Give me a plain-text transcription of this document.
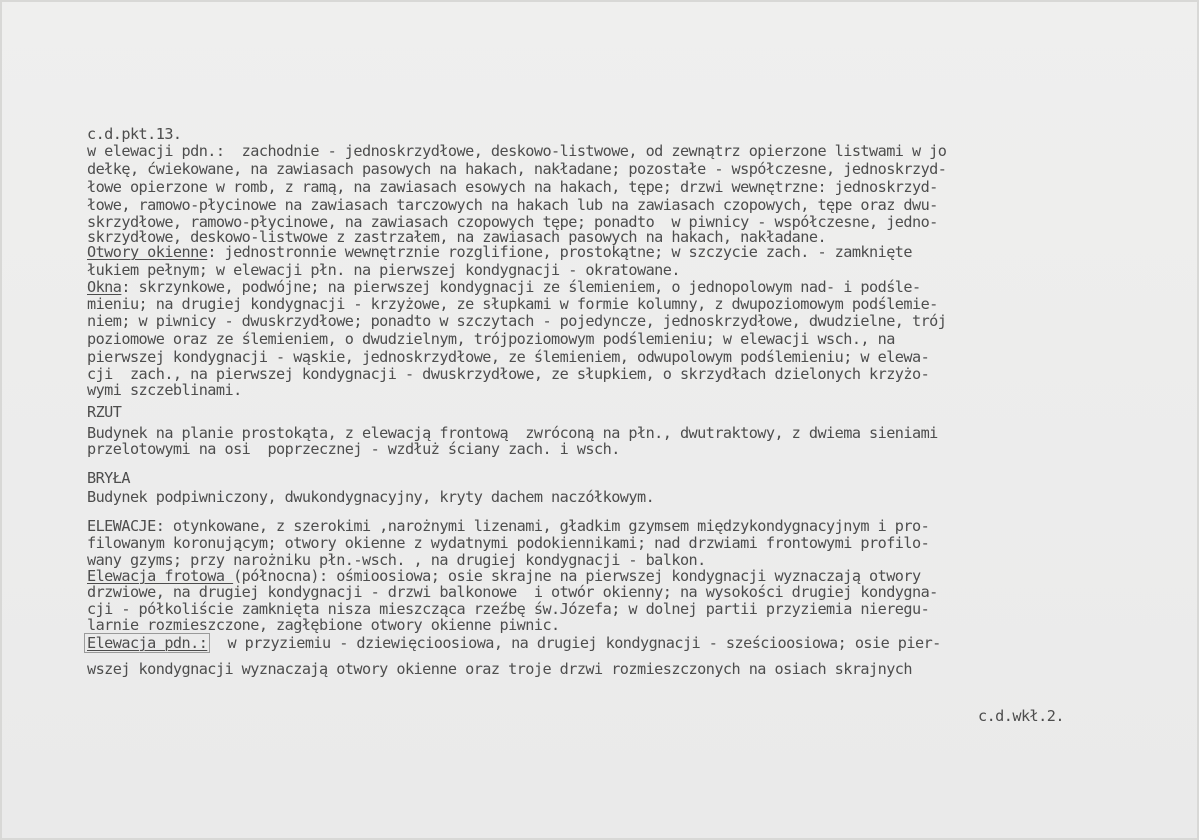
c.d.pkt.13.
w elewacji pdn.:  zachodnie - jednoskrzydłowe, deskowo-listwowe, od zewnątrz opierzone listwami w jo
dełkę, ćwiekowane, na zawiasach pasowych na hakach, nakładane; pozostałe - współczesne, jednoskrzyd-
łowe opierzone w romb, z ramą, na zawiasach esowych na hakach, tępe; drzwi wewnętrzne: jednoskrzyd-
łowe, ramowo-płycinowe na zawiasach tarczowych na hakach lub na zawiasach czopowych, tępe oraz dwu-
skrzydłowe, ramowo-płycinowe, na zawiasach czopowych tępe; ponadto  w piwnicy - współczesne, jedno-
skrzydłowe, deskowo-listwowe z zastrzałem, na zawiasach pasowych na hakach, nakładane.
Otwory okienne: jednostronnie wewnętrznie rozglifione, prostokątne; w szczycie zach. - zamknięte
łukiem pełnym; w elewacji płn. na pierwszej kondygnacji - okratowane.
Okna: skrzynkowe, podwójne; na pierwszej kondygnacji ze ślemieniem, o jednopolowym nad- i podśle-
mieniu; na drugiej kondygnacji - krzyżowe, ze słupkami w formie kolumny, z dwupoziomowym podślemie-
niem; w piwnicy - dwuskrzydłowe; ponadto w szczytach - pojedyncze, jednoskrzydłowe, dwudzielne, trój
poziomowe oraz ze ślemieniem, o dwudzielnym, trójpoziomowym podślemieniu; w elewacji wsch., na
pierwszej kondygnacji - wąskie, jednoskrzydłowe, ze ślemieniem, odwupolowym podślemieniu; w elewa-
cji  zach., na pierwszej kondygnacji - dwuskrzydłowe, ze słupkiem, o skrzydłach dzielonych krzyżo-
wymi szczeblinami.
RZUT
Budynek na planie prostokąta, z elewacją frontową  zwróconą na płn., dwutraktowy, z dwiema sieniami
przelotowymi na osi  poprzecznej - wzdłuż ściany zach. i wsch.
BRYŁA
Budynek podpiwniczony, dwukondygnacyjny, kryty dachem naczółkowym.
ELEWACJE: otynkowane, z szerokimi ,narożnymi lizenami, gładkim gzymsem międzykondygnacyjnym i pro-
filowanym koronującym; otwory okienne z wydatnymi podokiennikami; nad drzwiami frontowymi profilo-
wany gzyms; przy narożniku płn.-wsch. , na drugiej kondygnacji - balkon.
Elewacja frotowa (północna): ośmioosiowa; osie skrajne na pierwszej kondygnacji wyznaczają otwory
drzwiowe, na drugiej kondygnacji - drzwi balkonowe  i otwór okienny; na wysokości drugiej kondygna-
cji - półkoliście zamknięta nisza mieszcząca rzeźbę św.Józefa; w dolnej partii przyziemia nieregu-
larnie rozmieszczone, zagłębione otwory okienne piwnic.
Elewacja pdn.:  w przyziemiu - dziewięcioosiowa, na drugiej kondygnacji - sześcioosiowa; osie pier-
wszej kondygnacji wyznaczają otwory okienne oraz troje drzwi rozmieszczonych na osiach skrajnych
c.d.wkł.2.
